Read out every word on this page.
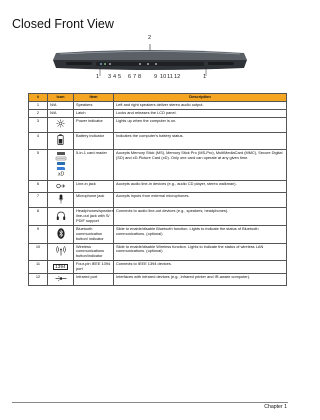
Closed Front View
2
1 3 4 5 6 7 8 9 10 11 12	1
#	Icon	Item	Description
1	N/A	Speakers	Left and right speakers deliver stereo audio output.
2	N/A	Latch	Locks and releases the LCD panel.
3		Power indicator	Lights up when the computer is on.
4		Battery indicator	Indicates the computer's battery status.
5	xD	5-in-1 card reader	Accepts Memory Stick (MS), Memory Stick Pro (MS-Pro), MultiMediaCard (MMC), Secure Digital (SD) and xD-Picture Card (xD). Only one card can operate at any given time.
6		Line-in jack	Accepts audio line-in devices (e.g., audio CD player, stereo walkman).
7		Microphone jack	Accepts inputs from external microphones.
8		Headphones/speaker/ line-out jack with S/ PDIF support	Connects to audio line-out devices (e.g., speakers, headphones).
9		Bluetooth communication button/ indicator	Slide to enable/disable Bluetooth function. Lights to indicate the status of Bluetooth communications. (optional)
10		Wireless communications button/indicator	Slide to enable/disable Wireless function. Lights to indicate the status of wireless LAN communications. (optional)
11	1394	Four-pin IEEE 1394 port	Connects to IEEE 1394 devices.
12		Infrared port	Interfaces with infrared devices (e.g., infrared printer and IR-aware computer).
Chapter 1
